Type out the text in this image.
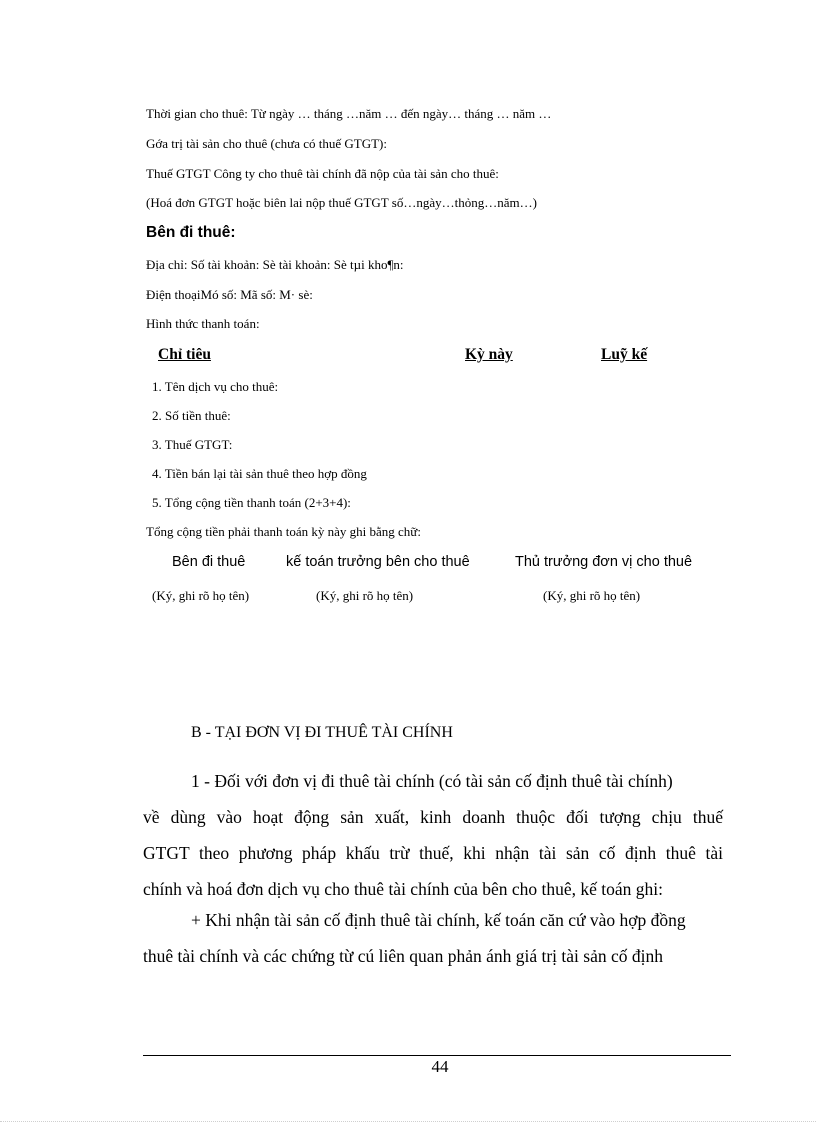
Thời gian cho thuê: Từ ngày … tháng …năm … đến ngày… tháng … năm …
Gớa trị tài sản cho thuê (chưa có thuế GTGT):
Thuế GTGT Công ty cho thuê tài chính đã nộp của tài sản cho thuê:
(Hoá đơn GTGT hoặc biên lai nộp thuế GTGT số…ngày…thỏng…năm…)
Bên đi thuê:
Địa chỉ: Số tài khoản: Sè tài khoản: Sè tµi kho¶n:
Điện thoạiMó số: Mã số: M· sè:
Hình thức thanh toán:
Chỉ tiêu	Kỳ này	Luỹ kế
1. Tên dịch vụ cho thuê:
2. Số tiền thuê:
3. Thuế GTGT:
4. Tiền bán lại tài sản thuê theo hợp đồng
5. Tổng cộng tiền thanh toán (2+3+4):
Tổng cộng tiền phải thanh toán kỳ này ghi bằng chữ:
Bên đi thuê	kế toán trưởng bên cho thuê	Thủ trưởng đơn vị cho thuê
(Ký, ghi rõ họ tên)	(Ký, ghi rõ họ tên)	(Ký, ghi rõ họ tên)
B - TẠI ĐƠN VỊ ĐI THUÊ TÀI CHÍNH
1 - Đối với đơn vị đi thuê tài chính (có tài sản cố định thuê tài chính)
về dùng vào hoạt động sản xuất, kinh doanh thuộc đối tượng chịu thuế
GTGT theo phương pháp khấu trừ thuế, khi nhận tài sản cố định thuê tài
chính và hoá đơn dịch vụ cho thuê tài chính của bên cho thuê, kế toán ghi:
+ Khi nhận tài sản cố định thuê tài chính, kế toán căn cứ vào hợp đồng
thuê tài chính và các chứng từ cú liên quan phản ánh giá trị tài sản cố định
44
